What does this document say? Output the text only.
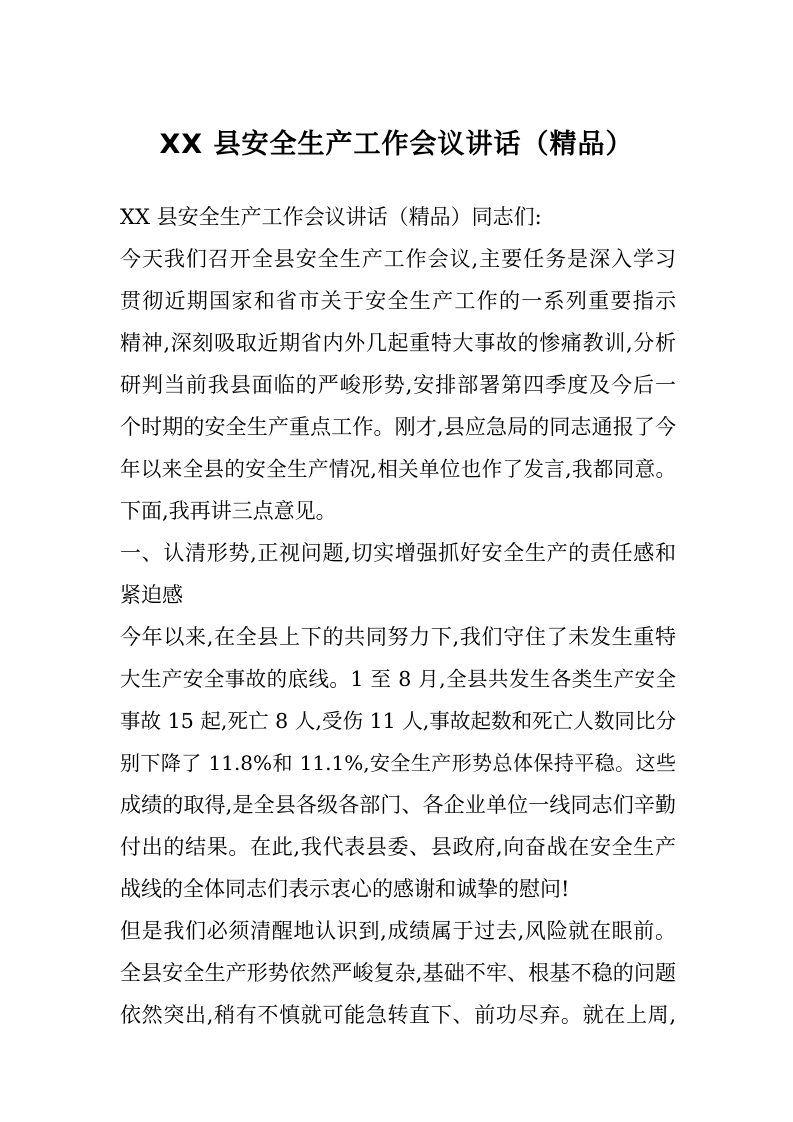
XX 县安全生产工作会议讲话（精品）
XX 县安全生产工作会议讲话（精品）同志们:
今天我们召开全县安全生产工作会议,主要任务是深入学习
贯彻近期国家和省市关于安全生产工作的一系列重要指示
精神,深刻吸取近期省内外几起重特大事故的惨痛教训,分析
研判当前我县面临的严峻形势,安排部署第四季度及今后一
个时期的安全生产重点工作。刚才,县应急局的同志通报了今
年以来全县的安全生产情况,相关单位也作了发言,我都同意。
下面,我再讲三点意见。
一、认清形势,正视问题,切实增强抓好安全生产的责任感和
紧迫感
今年以来,在全县上下的共同努力下,我们守住了未发生重特
大生产安全事故的底线。1 至 8 月,全县共发生各类生产安全
事故 15 起,死亡 8 人,受伤 11 人,事故起数和死亡人数同比分
别下降了 11.8%和 11.1%,安全生产形势总体保持平稳。这些
成绩的取得,是全县各级各部门、各企业单位一线同志们辛勤
付出的结果。在此,我代表县委、县政府,向奋战在安全生产
战线的全体同志们表示衷心的感谢和诚挚的慰问!
但是我们必须清醒地认识到,成绩属于过去,风险就在眼前。
全县安全生产形势依然严峻复杂,基础不牢、根基不稳的问题
依然突出,稍有不慎就可能急转直下、前功尽弃。就在上周,
